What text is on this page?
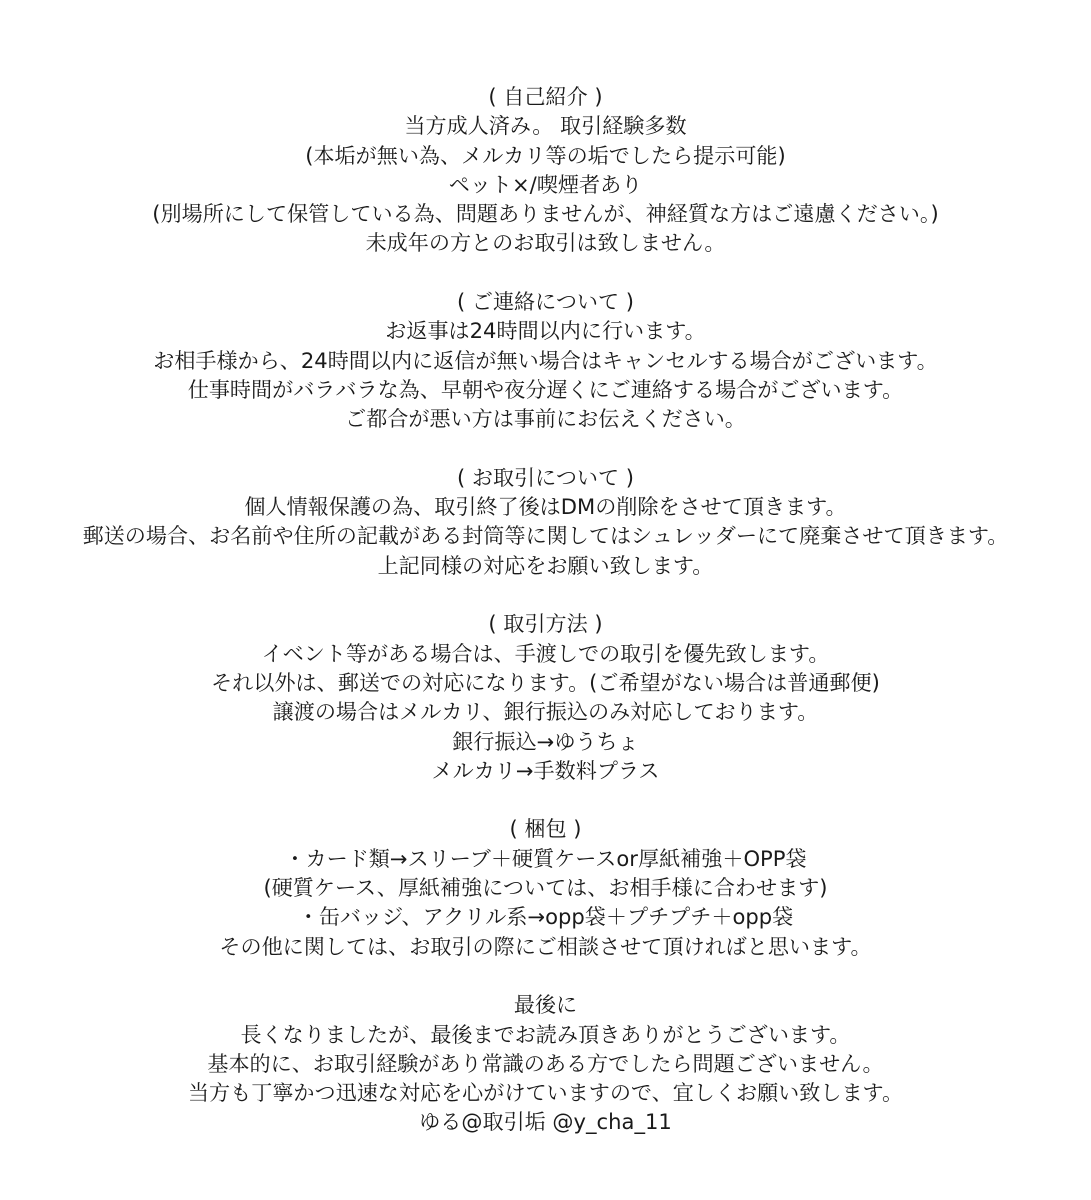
( 自己紹介 )
当方成人済み。 取引経験多数
(本垢が無い為、メルカリ等の垢でしたら提示可能)
ペット×/喫煙者あり
(別場所にして保管している為、問題ありませんが、神経質な方はご遠慮ください。)
未成年の方とのお取引は致しません。
( ご連絡について )
お返事は24時間以内に行います。
お相手様から、24時間以内に返信が無い場合はキャンセルする場合がございます。
仕事時間がバラバラな為、早朝や夜分遅くにご連絡する場合がございます。
ご都合が悪い方は事前にお伝えください。
( お取引について )
個人情報保護の為、取引終了後はDMの削除をさせて頂きます。
郵送の場合、お名前や住所の記載がある封筒等に関してはシュレッダーにて廃棄させて頂きます。
上記同様の対応をお願い致します。
( 取引方法 )
イベント等がある場合は、手渡しでの取引を優先致します。
それ以外は、郵送での対応になります。(ご希望がない場合は普通郵便)
譲渡の場合はメルカリ、銀行振込のみ対応しております。
銀行振込→ゆうちょ
メルカリ→手数料プラス
( 梱包 )
・カード類→スリーブ＋硬質ケースor厚紙補強＋OPP袋
(硬質ケース、厚紙補強については、お相手様に合わせます)
・缶バッジ、アクリル系→opp袋＋プチプチ＋opp袋
その他に関しては、お取引の際にご相談させて頂ければと思います。
最後に
長くなりましたが、最後までお読み頂きありがとうございます。
基本的に、お取引経験があり常識のある方でしたら問題ございません。
当方も丁寧かつ迅速な対応を心がけていますので、宜しくお願い致します。
ゆる@取引垢 @y_cha_11
